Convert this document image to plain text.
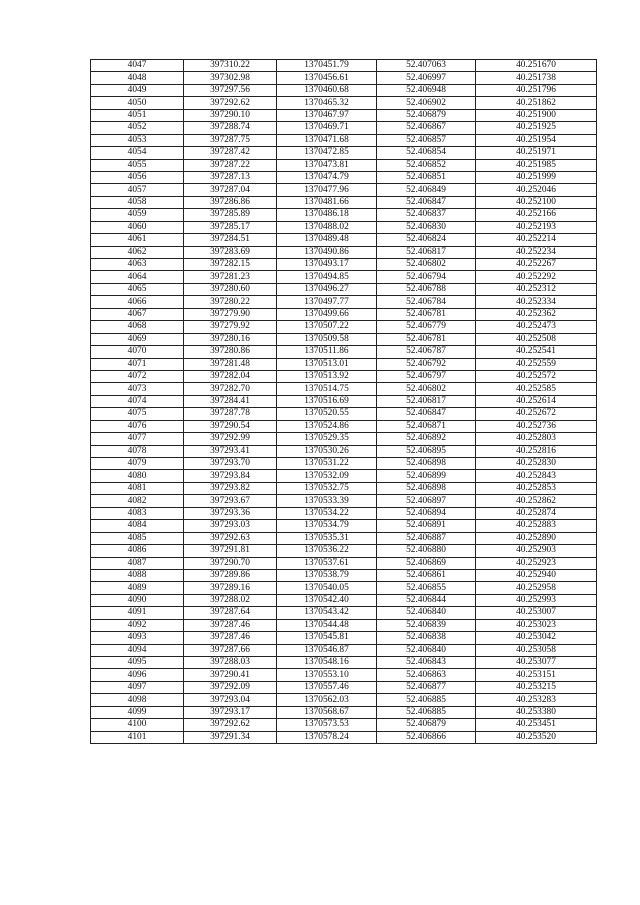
4047	397310.22	1370451.79	52.407063	40.251670
4048	397302.98	1370456.61	52.406997	40.251738
4049	397297.56	1370460.68	52.406948	40.251796
4050	397292.62	1370465.32	52.406902	40.251862
4051	397290.10	1370467.97	52.406879	40.251900
4052	397288.74	1370469.71	52.406867	40.251925
4053	397287.75	1370471.68	52.406857	40.251954
4054	397287.42	1370472.85	52.406854	40.251971
4055	397287.22	1370473.81	52.406852	40.251985
4056	397287.13	1370474.79	52.406851	40.251999
4057	397287.04	1370477.96	52.406849	40.252046
4058	397286.86	1370481.66	52.406847	40.252100
4059	397285.89	1370486.18	52.406837	40.252166
4060	397285.17	1370488.02	52.406830	40.252193
4061	397284.51	1370489.48	52.406824	40.252214
4062	397283.69	1370490.86	52.406817	40.252234
4063	397282.15	1370493.17	52.406802	40.252267
4064	397281.23	1370494.85	52.406794	40.252292
4065	397280.60	1370496.27	52.406788	40.252312
4066	397280.22	1370497.77	52.406784	40.252334
4067	397279.90	1370499.66	52.406781	40.252362
4068	397279.92	1370507.22	52.406779	40.252473
4069	397280.16	1370509.58	52.406781	40.252508
4070	397280.86	1370511.86	52.406787	40.252541
4071	397281.48	1370513.01	52.406792	40.252559
4072	397282.04	1370513.92	52.406797	40.252572
4073	397282.70	1370514.75	52.406802	40.252585
4074	397284.41	1370516.69	52.406817	40.252614
4075	397287.78	1370520.55	52.406847	40.252672
4076	397290.54	1370524.86	52.406871	40.252736
4077	397292.99	1370529.35	52.406892	40.252803
4078	397293.41	1370530.26	52.406895	40.252816
4079	397293.70	1370531.22	52.406898	40.252830
4080	397293.84	1370532.09	52.406899	40.252843
4081	397293.82	1370532.75	52.406898	40.252853
4082	397293.67	1370533.39	52.406897	40.252862
4083	397293.36	1370534.22	52.406894	40.252874
4084	397293.03	1370534.79	52.406891	40.252883
4085	397292.63	1370535.31	52.406887	40.252890
4086	397291.81	1370536.22	52.406880	40.252903
4087	397290.70	1370537.61	52.406869	40.252923
4088	397289.86	1370538.79	52.406861	40.252940
4089	397289.16	1370540.05	52.406855	40.252958
4090	397288.02	1370542.40	52.406844	40.252993
4091	397287.64	1370543.42	52.406840	40.253007
4092	397287.46	1370544.48	52.406839	40.253023
4093	397287.46	1370545.81	52.406838	40.253042
4094	397287.66	1370546.87	52.406840	40.253058
4095	397288.03	1370548.16	52.406843	40.253077
4096	397290.41	1370553.10	52.406863	40.253151
4097	397292.09	1370557.46	52.406877	40.253215
4098	397293.04	1370562.03	52.406885	40.253283
4099	397293.17	1370568.67	52.406885	40.253380
4100	397292.62	1370573.53	52.406879	40.253451
4101	397291.34	1370578.24	52.406866	40.253520
